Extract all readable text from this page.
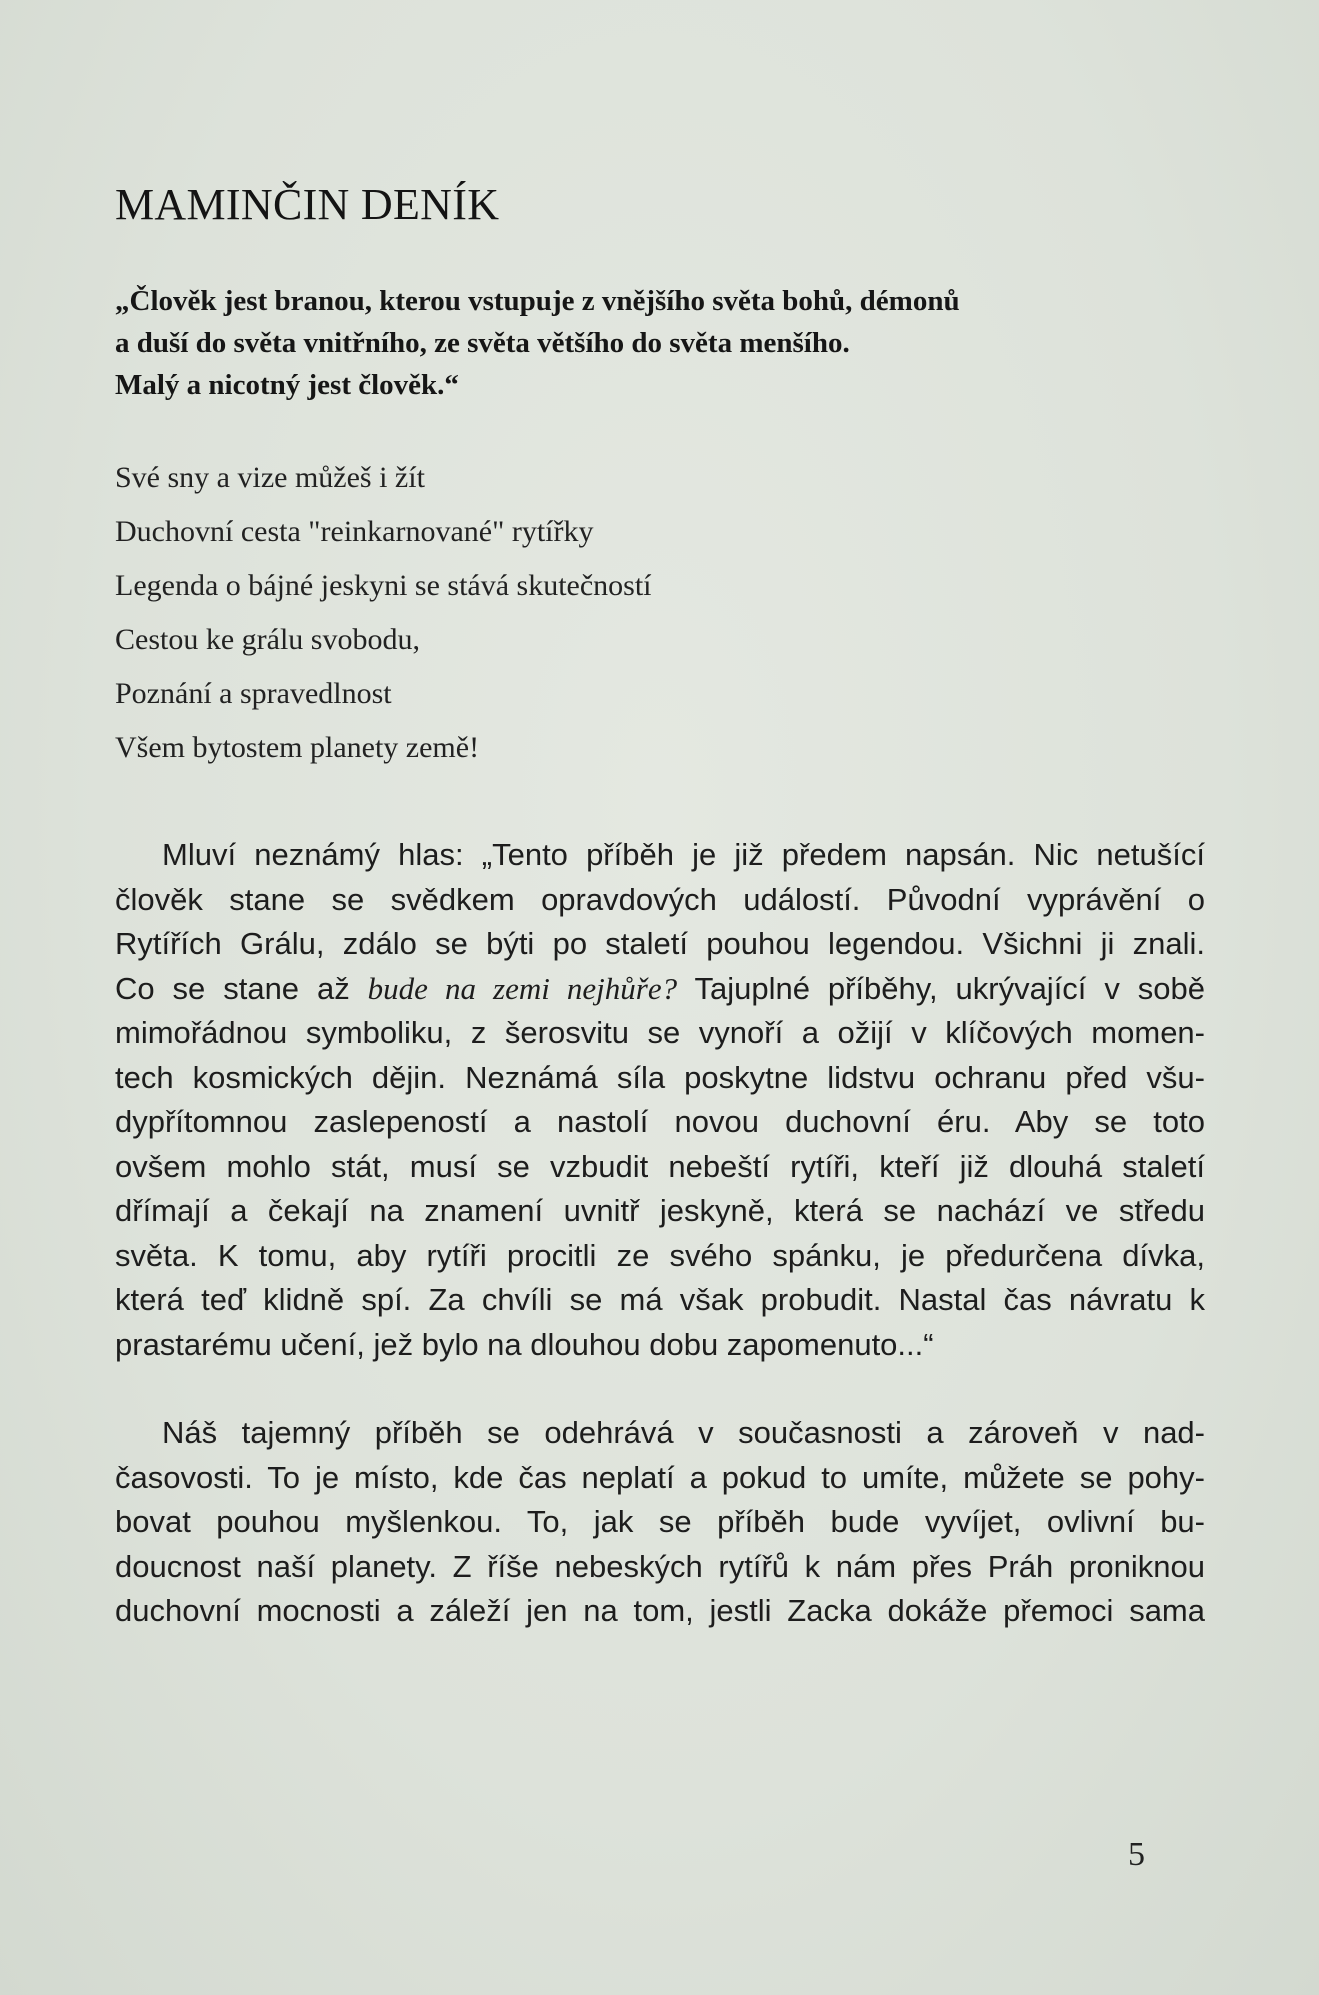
MAMINČIN DENÍK
„Člověk jest branou, kterou vstupuje z vnějšího světa bohů, démonů
a duší do světa vnitřního, ze světa většího do světa menšího.
Malý a nicotný jest člověk.“
Své sny a vize můžeš i žít
Duchovní cesta "reinkarnované" rytířky
Legenda o bájné jeskyni se stává skutečností
Cestou ke grálu svobodu,
Poznání a spravedlnost
Všem bytostem planety země!
Mluví neznámý hlas: „Tento příběh je již předem napsán. Nic netušící
člověk stane se svědkem opravdových událostí. Původní vyprávění o
Rytířích Grálu, zdálo se býti po staletí pouhou legendou. Všichni ji znali.
Co se stane až bude na zemi nejhůře? Tajuplné příběhy, ukrývající v sobě
mimořádnou symboliku, z šerosvitu se vynoří a ožijí v klíčových momen-
tech kosmických dějin. Neznámá síla poskytne lidstvu ochranu před všu-
dypřítomnou zaslepeností a nastolí novou duchovní éru. Aby se toto
ovšem mohlo stát, musí se vzbudit nebeští rytíři, kteří již dlouhá staletí
dřímají a čekají na znamení uvnitř jeskyně, která se nachází ve středu
světa. K tomu, aby rytíři procitli ze svého spánku, je předurčena dívka,
která teď klidně spí. Za chvíli se má však probudit. Nastal čas návratu k
prastarému učení, jež bylo na dlouhou dobu zapomenuto...“
Náš tajemný příběh se odehrává v současnosti a zároveň v nad-
časovosti. To je místo, kde čas neplatí a pokud to umíte, můžete se pohy-
bovat pouhou myšlenkou. To, jak se příběh bude vyvíjet, ovlivní bu-
doucnost naší planety. Z říše nebeských rytířů k nám přes Práh proniknou
duchovní mocnosti a záleží jen na tom, jestli Zacka dokáže přemoci sama
5
